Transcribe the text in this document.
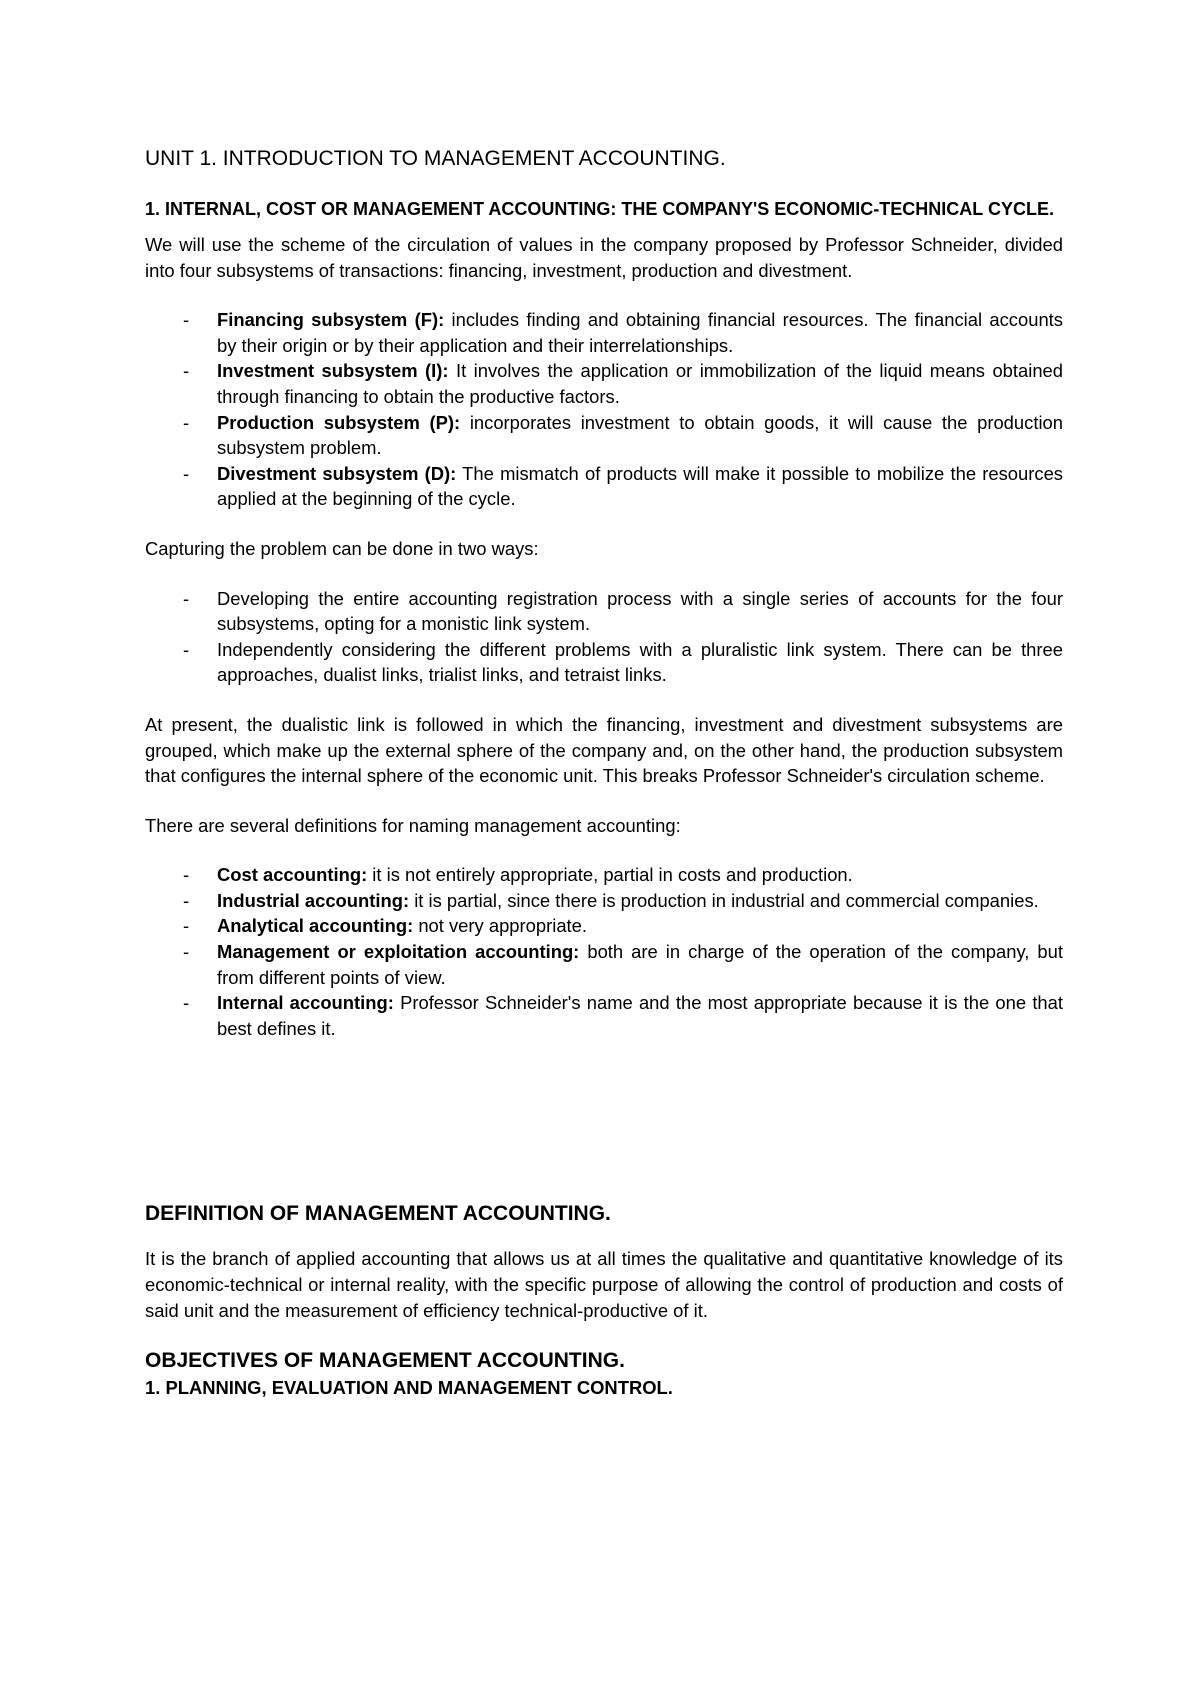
UNIT 1. INTRODUCTION TO MANAGEMENT ACCOUNTING.
1. INTERNAL, COST OR MANAGEMENT ACCOUNTING: THE COMPANY'S ECONOMIC-TECHNICAL CYCLE.

We will use the scheme of the circulation of values in the company proposed by Professor Schneider, divided into four subsystems of transactions: financing, investment, production and divestment.

- Financing subsystem (F): includes finding and obtaining financial resources. The financial accounts by their origin or by their application and their interrelationships.
- Investment subsystem (I): It involves the application or immobilization of the liquid means obtained through financing to obtain the productive factors.
- Production subsystem (P): incorporates investment to obtain goods, it will cause the production subsystem problem.
- Divestment subsystem (D): The mismatch of products will make it possible to mobilize the resources applied at the beginning of the cycle.

Capturing the problem can be done in two ways:

- Developing the entire accounting registration process with a single series of accounts for the four subsystems, opting for a monistic link system.
- Independently considering the different problems with a pluralistic link system. There can be three approaches, dualist links, trialist links, and tetraist links.

At present, the dualistic link is followed in which the financing, investment and divestment subsystems are grouped, which make up the external sphere of the company and, on the other hand, the production subsystem that configures the internal sphere of the economic unit. This breaks Professor Schneider's circulation scheme.

There are several definitions for naming management accounting:

- Cost accounting: it is not entirely appropriate, partial in costs and production.
- Industrial accounting: it is partial, since there is production in industrial and commercial companies.
- Analytical accounting: not very appropriate.
- Management or exploitation accounting: both are in charge of the operation of the company, but from different points of view.
- Internal accounting: Professor Schneider's name and the most appropriate because it is the one that best defines it.
DEFINITION OF MANAGEMENT ACCOUNTING.

It is the branch of applied accounting that allows us at all times the qualitative and quantitative knowledge of its economic-technical or internal reality, with the specific purpose of allowing the control of production and costs of said unit and the measurement of efficiency technical-productive of it.

OBJECTIVES OF MANAGEMENT ACCOUNTING.
1. PLANNING, EVALUATION AND MANAGEMENT CONTROL.
